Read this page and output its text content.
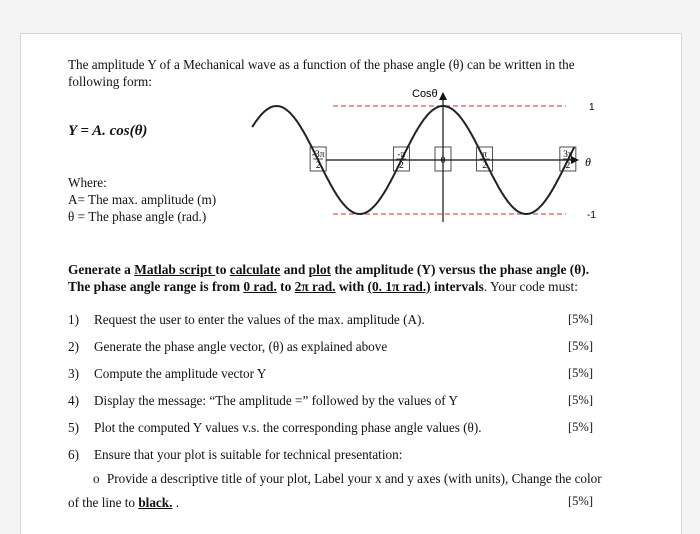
The amplitude Y of a Mechanical wave as a function of the phase angle (θ) can be written in the
following form:
Y = A. cos(θ)
Where:
A= The max. amplitude (m)
θ = The phase angle (rad.)
Cosθ
1
-1
θ
-3π
2
-π
2	0
π
2
3π
2
Generate a Matlab script to calculate and plot the amplitude (Y) versus the phase angle (θ).
The phase angle range is from 0 rad. to 2π rad. with (0. 1π rad.) intervals. Your code must:
1) Request the user to enter the values of the max. amplitude (A).	[5%]
2) Generate the phase angle vector, (θ) as explained above	[5%]
3) Compute the amplitude vector Y	[5%]
4) Display the message: “The amplitude =” followed by the values of Y	[5%]
5) Plot the computed Y values v.s. the corresponding phase angle values (θ).	[5%]
6) Ensure that your plot is suitable for technical presentation:
o Provide a descriptive title of your plot, Label your x and y axes (with units), Change the color
of the line to black. .	[5%]
